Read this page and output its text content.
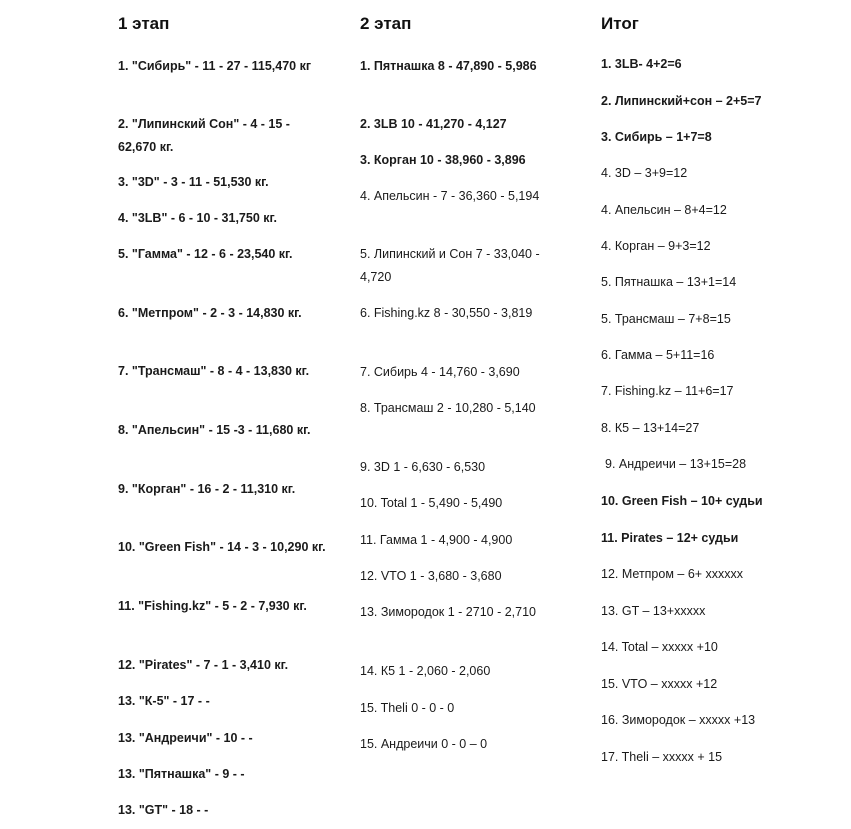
1 этап
1. "Сибирь" - 11 - 27 - 115,470 кг
2. "Липинский Сон" - 4 - 15 - 62,670 кг.
3. "3D" - 3 - 11 - 51,530 кг.
4. "3LB" - 6 - 10 - 31,750 кг.
5. "Гамма" - 12 - 6 - 23,540 кг.
6. "Метпром" - 2 - 3 - 14,830 кг.
7. "Трансмаш" - 8 - 4 - 13,830 кг.
8. "Апельсин" - 15 -3 - 11,680 кг.
9. "Корган" - 16 - 2 - 11,310 кг.
10. "Green Fish" - 14 - 3 - 10,290 кг.
11. "Fishing.kz" - 5 - 2 - 7,930 кг.
12. "Pirates" - 7 - 1 - 3,410 кг.
13. "К-5" - 17 - -
13. "Андреичи" - 10 - -
13. "Пятнашка" - 9 - -
13. "GT" - 18 - -
2 этап
1. Пятнашка 8 - 47,890 - 5,986
2. 3LB 10 - 41,270 - 4,127
3. Корган 10 - 38,960 - 3,896
4. Апельсин - 7 - 36,360 - 5,194
5. Липинский и Сон 7 - 33,040 - 4,720
6. Fishing.kz 8 - 30,550 - 3,819
7. Сибирь 4 - 14,760 - 3,690
8. Трансмаш 2 - 10,280 - 5,140
9. 3D 1 - 6,630 - 6,530
10. Total 1 - 5,490 - 5,490
11. Гамма 1 - 4,900 - 4,900
12. VTO 1 - 3,680 - 3,680
13. Зимородок 1 - 2710 - 2,710
14. К5 1 - 2,060 - 2,060
15. Theli 0 - 0 - 0
15. Андреичи 0 - 0 – 0
Итог
1. 3LB- 4+2=6
2. Липинский+сон – 2+5=7
3. Сибирь – 1+7=8
4. 3D – 3+9=12
4. Апельсин – 8+4=12
4. Корган – 9+3=12
5. Пятнашка – 13+1=14
5. Трансмаш – 7+8=15
6. Гамма – 5+11=16
7. Fishing.kz – 11+6=17
8. К5 – 13+14=27
9. Андреичи – 13+15=28
10. Green Fish – 10+ судьи
11. Pirates – 12+ судьи
12. Метпром – 6+ xxxxxx
13. GT – 13+xxxxx
14. Total – xxxxx +10
15. VTO – xxxxx +12
16. Зимородок – xxxxx +13
17. Theli – xxxxx + 15
